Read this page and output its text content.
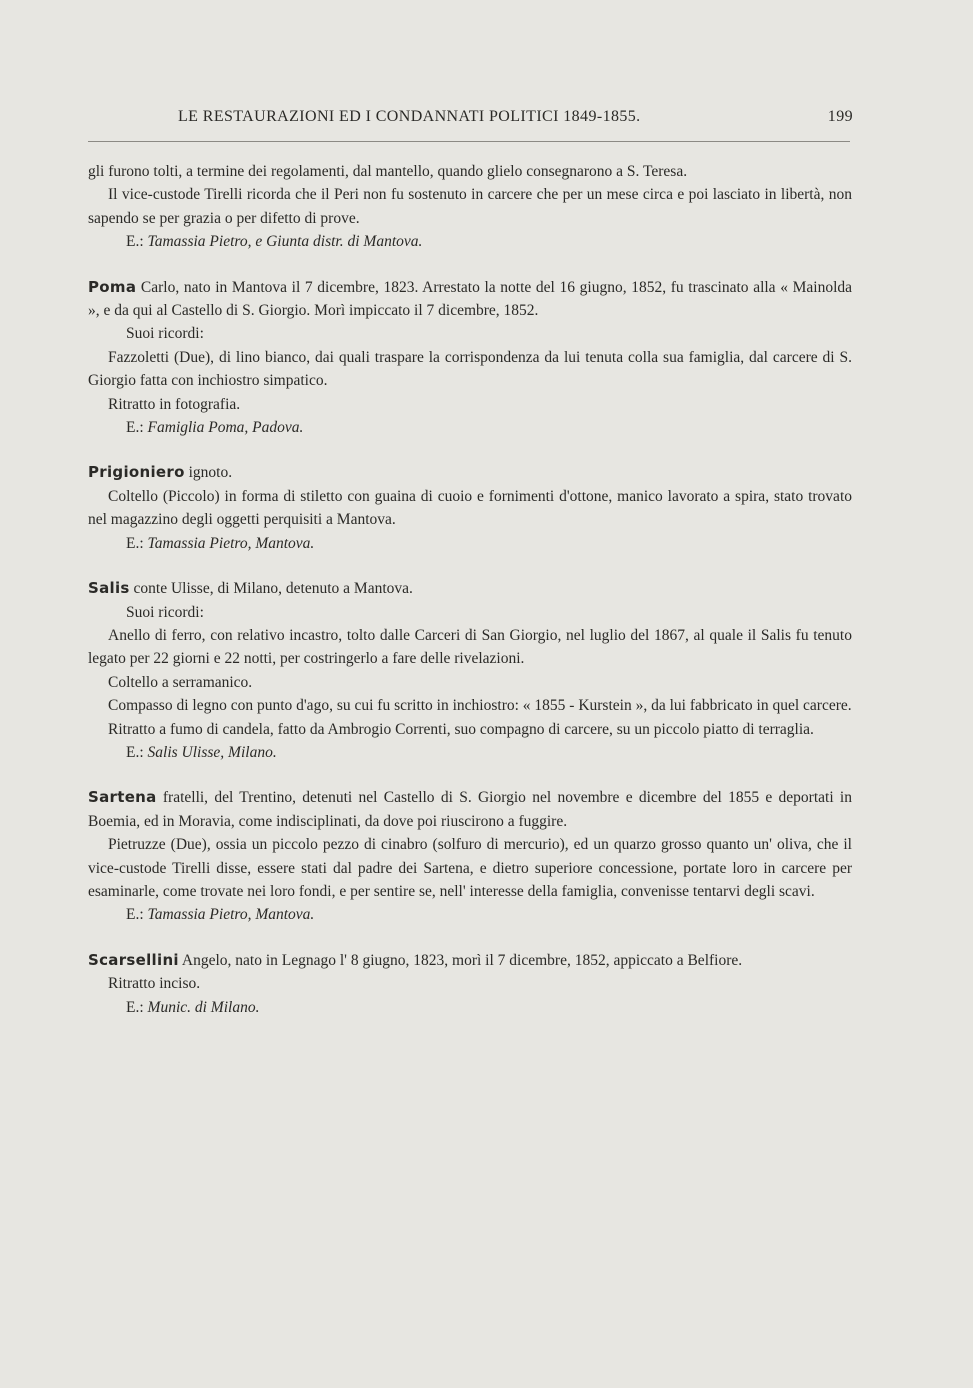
LE RESTAURAZIONI ED I CONDANNATI POLITICI 1849-1855.	199

gli furono tolti, a termine dei regolamenti, dal mantello, quando glielo consegnarono a S. Teresa.

Il vice-custode Tirelli ricorda che il Peri non fu sostenuto in carcere che per un mese circa e poi lasciato in libertà, non sapendo se per grazia o per difetto di prove.

E.: Tamassia Pietro, e Giunta distr. di Mantova.

Poma Carlo, nato in Mantova il 7 dicembre, 1823. Arrestato la notte del 16 giugno, 1852, fu trascinato alla « Mainolda », e da qui al Castello di S. Giorgio. Morì impiccato il 7 dicembre, 1852.

Suoi ricordi:

Fazzoletti (Due), di lino bianco, dai quali traspare la corrispondenza da lui tenuta colla sua famiglia, dal carcere di S. Giorgio fatta con inchiostro simpatico.

Ritratto in fotografia.

E.: Famiglia Poma, Padova.

Prigioniero ignoto.

Coltello (Piccolo) in forma di stiletto con guaina di cuoio e fornimenti d'ottone, manico lavorato a spira, stato trovato nel magazzino degli oggetti perquisiti a Mantova.

E.: Tamassia Pietro, Mantova.

Salis conte Ulisse, di Milano, detenuto a Mantova.

Suoi ricordi:

Anello di ferro, con relativo incastro, tolto dalle Carceri di San Giorgio, nel luglio del 1867, al quale il Salis fu tenuto legato per 22 giorni e 22 notti, per costringerlo a fare delle rivelazioni.

Coltello a serramanico.

Compasso di legno con punto d'ago, su cui fu scritto in inchiostro: « 1855 - Kurstein », da lui fabbricato in quel carcere.

Ritratto a fumo di candela, fatto da Ambrogio Correnti, suo compagno di carcere, su un piccolo piatto di terraglia.

E.: Salis Ulisse, Milano.

Sartena fratelli, del Trentino, detenuti nel Castello di S. Giorgio nel novembre e dicembre del 1855 e deportati in Boemia, ed in Moravia, come indisciplinati, da dove poi riuscirono a fuggire.

Pietruzze (Due), ossia un piccolo pezzo di cinabro (solfuro di mercurio), ed un quarzo grosso quanto un' oliva, che il vice-custode Tirelli disse, essere stati dal padre dei Sartena, e dietro superiore concessione, portate loro in carcere per esaminarle, come trovate nei loro fondi, e per sentire se, nell' interesse della famiglia, convenisse tentarvi degli scavi.

E.: Tamassia Pietro, Mantova.

Scarsellini Angelo, nato in Legnago l' 8 giugno, 1823, morì il 7 dicembre, 1852, appiccato a Belfiore.

Ritratto inciso.

E.: Munic. di Milano.
